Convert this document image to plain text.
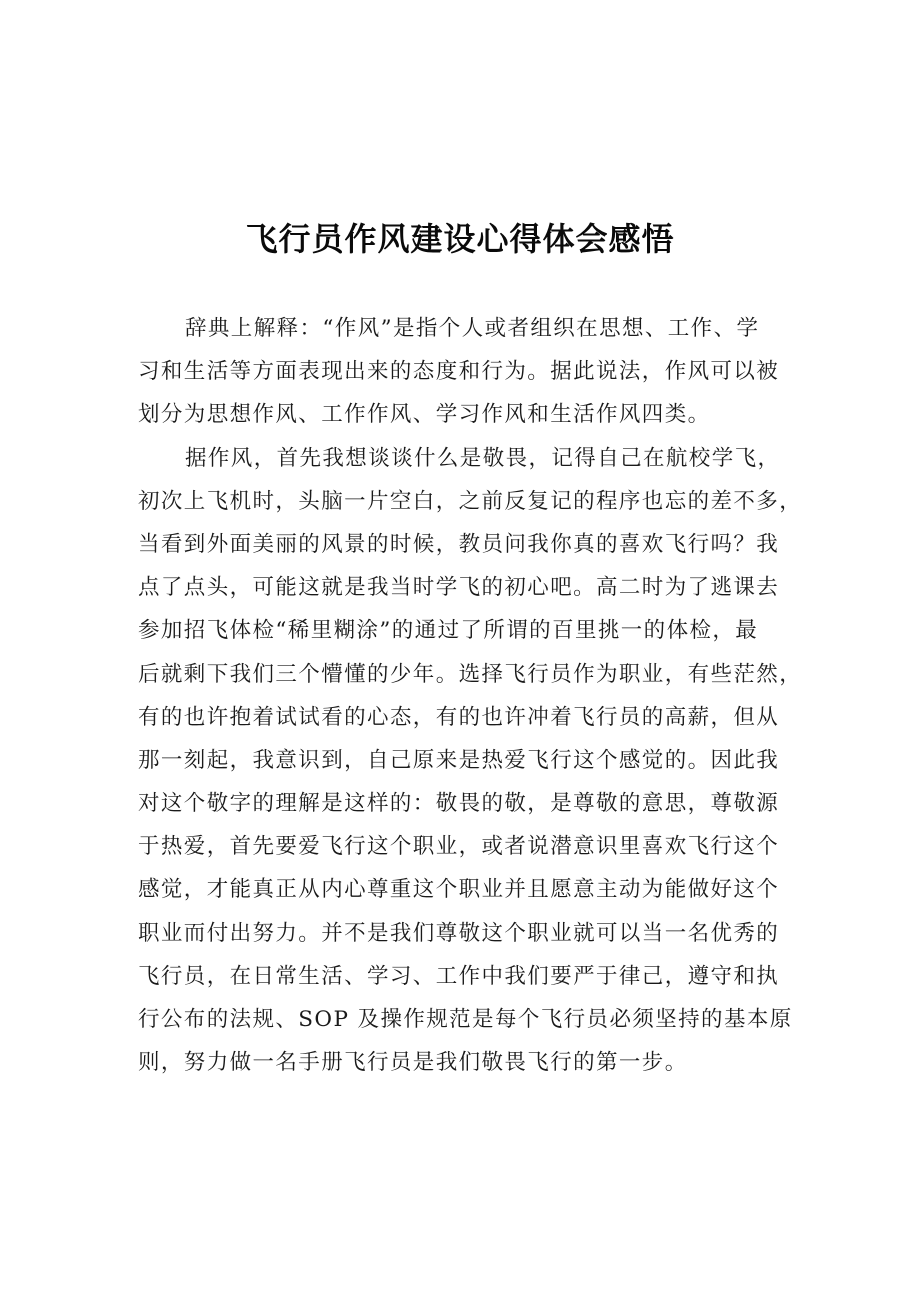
飞行员作风建设心得体会感悟
辞典上解释：“作风”是指个人或者组织在思想、工作、学
习和生活等方面表现出来的态度和行为。据此说法，作风可以被
划分为思想作风、工作作风、学习作风和生活作风四类。
据作风，首先我想谈谈什么是敬畏，记得自己在航校学飞，
初次上飞机时，头脑一片空白，之前反复记的程序也忘的差不多，
当看到外面美丽的风景的时候，教员问我你真的喜欢飞行吗？我
点了点头，可能这就是我当时学飞的初心吧。高二时为了逃课去
参加招飞体检“稀里糊涂”的通过了所谓的百里挑一的体检，最
后就剩下我们三个懵懂的少年。选择飞行员作为职业，有些茫然，
有的也许抱着试试看的心态，有的也许冲着飞行员的高薪，但从
那一刻起，我意识到，自己原来是热爱飞行这个感觉的。因此我
对这个敬字的理解是这样的：敬畏的敬，是尊敬的意思，尊敬源
于热爱，首先要爱飞行这个职业，或者说潜意识里喜欢飞行这个
感觉，才能真正从内心尊重这个职业并且愿意主动为能做好这个
职业而付出努力。并不是我们尊敬这个职业就可以当一名优秀的
飞行员，在日常生活、学习、工作中我们要严于律己，遵守和执
行公布的法规、SOP 及操作规范是每个飞行员必须坚持的基本原
则，努力做一名手册飞行员是我们敬畏飞行的第一步。
